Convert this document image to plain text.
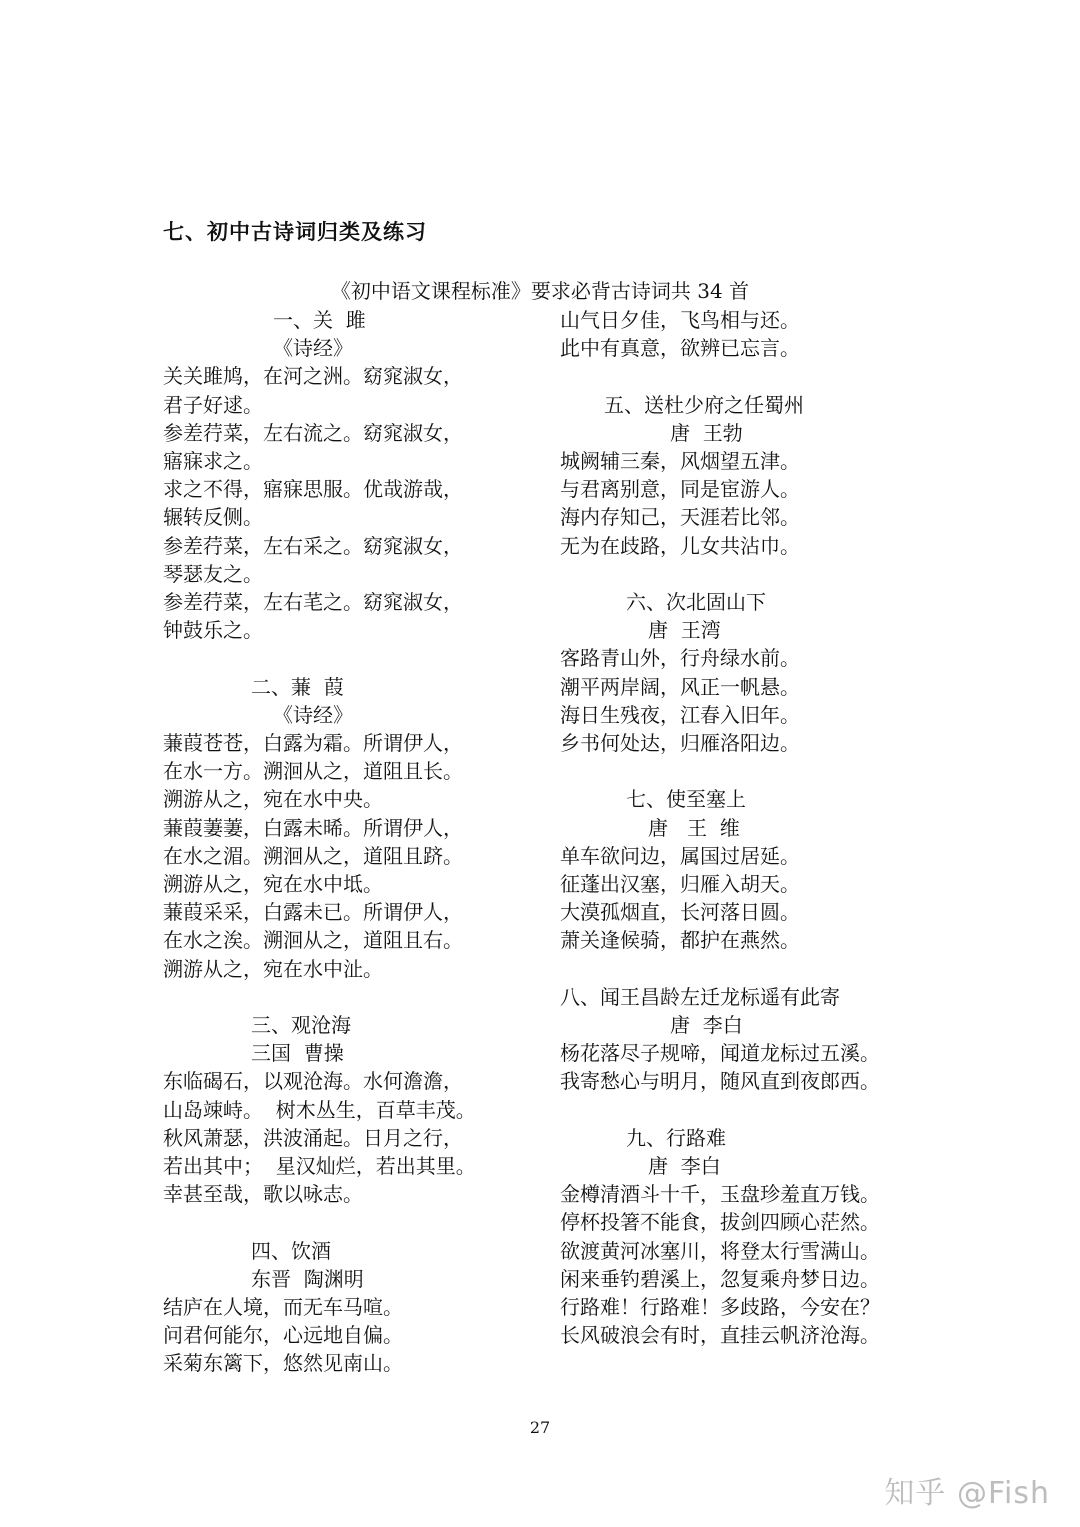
七、初中古诗词归类及练习
《初中语文课程标准》要求必背古诗词共 34 首
一、关  雎
《诗经》
关关雎鸠，在河之洲。窈窕淑女，
君子好逑。
参差荇菜，左右流之。窈窕淑女，
寤寐求之。
求之不得，寤寐思服。优哉游哉，
辗转反侧。
参差荇菜，左右采之。窈窕淑女，
琴瑟友之。
参差荇菜，左右芼之。窈窕淑女，
钟鼓乐之。
二、蒹  葭
《诗经》
蒹葭苍苍，白露为霜。所谓伊人，
在水一方。溯洄从之，道阻且长。
溯游从之，宛在水中央。
蒹葭萋萋，白露未晞。所谓伊人，
在水之湄。溯洄从之，道阻且跻。
溯游从之，宛在水中坻。
蒹葭采采，白露未已。所谓伊人，
在水之涘。溯洄从之，道阻且右。
溯游从之，宛在水中沚。
三、观沧海
三国  曹操
东临碣石，以观沧海。水何澹澹，
山岛竦峙。  树木丛生，百草丰茂。
秋风萧瑟，洪波涌起。日月之行，
若出其中；  星汉灿烂，若出其里。
幸甚至哉，歌以咏志。
四、饮酒
东晋  陶渊明
结庐在人境，而无车马喧。
问君何能尔，心远地自偏。
采菊东篱下，悠然见南山。
山气日夕佳，飞鸟相与还。
此中有真意，欲辨已忘言。
五、送杜少府之任蜀州
唐  王勃
城阙辅三秦，风烟望五津。
与君离别意，同是宦游人。
海内存知己，天涯若比邻。
无为在歧路，儿女共沾巾。
六、次北固山下
唐  王湾
客路青山外，行舟绿水前。
潮平两岸阔，风正一帆悬。
海日生残夜，江春入旧年。
乡书何处达，归雁洛阳边。
七、使至塞上
唐   王  维
单车欲问边，属国过居延。
征蓬出汉塞，归雁入胡天。
大漠孤烟直，长河落日圆。
萧关逢候骑，都护在燕然。
八、闻王昌龄左迁龙标遥有此寄
唐  李白
杨花落尽子规啼，闻道龙标过五溪。
我寄愁心与明月，随风直到夜郎西。
九、行路难
唐  李白
金樽清酒斗十千，玉盘珍羞直万钱。
停杯投箸不能食，拔剑四顾心茫然。
欲渡黄河冰塞川，将登太行雪满山。
闲来垂钓碧溪上，忽复乘舟梦日边。
行路难！行路难！多歧路，今安在？
长风破浪会有时，直挂云帆济沧海。
27
知乎 @Fish
